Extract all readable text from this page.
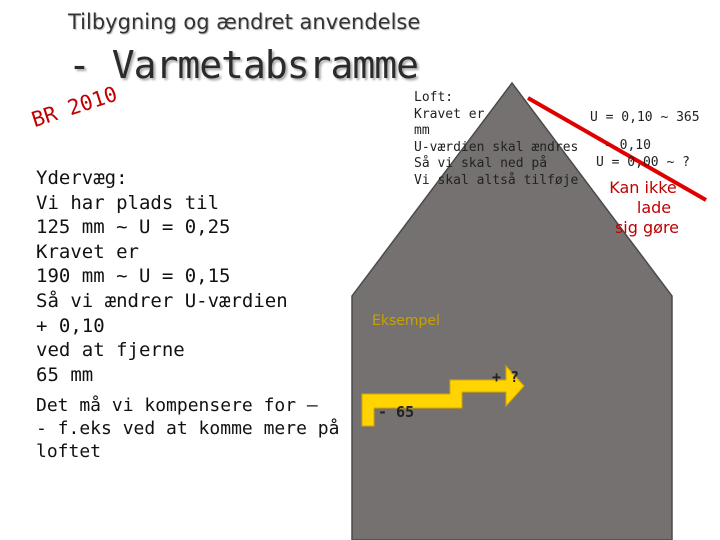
Tilbygning og ændret anvendelse
- Varmetabsramme
BR 2010
Ydervæg:
Vi har plads til
125 mm ~ U = 0,25
Kravet er
190 mm ~ U = 0,15
Så vi ændrer U-værdien
+ 0,10
ved at fjerne
65 mm
Det må vi kompensere for –
- f.eks ved at komme mere på
loftet
Loft:
Kravet er
mm
U-værdien skal ændres
Så vi skal ned på
Vi skal altså tilføje
U = 0,10 ~ 365
- 0,10
U = 0,00 ~ ?
Kan ikke
lade
sig gøre
Eksempel
+ ?
- 65
